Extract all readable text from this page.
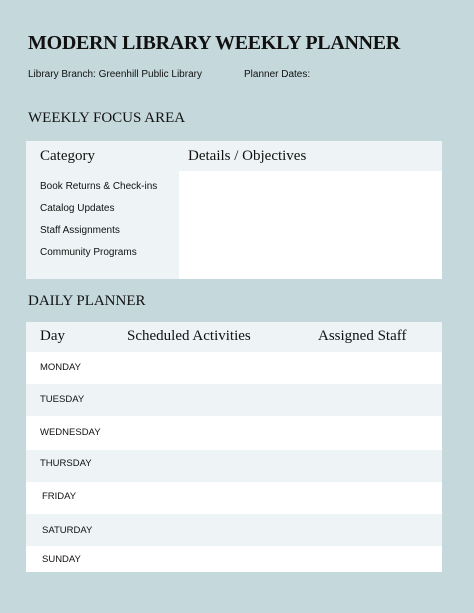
MODERN LIBRARY WEEKLY PLANNER
Library Branch: Greenhill Public Library	Planner Dates:
WEEKLY FOCUS AREA
Category	Details / Objectives
Book Returns & Check-ins
Catalog Updates
Staff Assignments
Community Programs
DAILY PLANNER
Day	Scheduled Activities	Assigned Staff
MONDAY
TUESDAY
WEDNESDAY
THURSDAY
FRIDAY
SATURDAY
SUNDAY
